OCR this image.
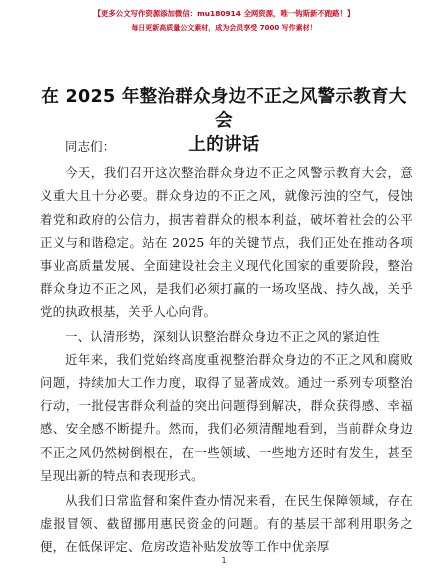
【更多公文写作资源添加微信：mu180914 全网资源，唯一钩斯新不跑路！】
每日更新高质量公文素材，成为会员享受 7000 写作素材！
在 2025 年整治群众身边不正之风警示教育大会
上的讲话

同志们：

今天，我们召开这次整治群众身边不正之风警示教育大会，意义重大且十分必要。群众身边的不正之风，就像污浊的空气，侵蚀着党和政府的公信力，损害着群众的根本利益，破坏着社会的公平正义与和谐稳定。站在 2025 年的关键节点，我们正处在推动各项事业高质量发展、全面建设社会主义现代化国家的重要阶段，整治群众身边不正之风，是我们必须打赢的一场攻坚战、持久战，关乎党的执政根基，关乎人心向背。

一、认清形势，深刻认识整治群众身边不正之风的紧迫性

近年来，我们党始终高度重视整治群众身边的不正之风和腐败问题，持续加大工作力度，取得了显著成效。通过一系列专项整治行动，一批侵害群众利益的突出问题得到解决，群众获得感、幸福感、安全感不断提升。然而，我们必须清醒地看到，当前群众身边不正之风仍然树倒根在，在一些领域、一些地方还时有发生，甚至呈现出新的特点和表现形式。

从我们日常监督和案件查办情况来看，在民生保障领域，存在虚报冒领、截留挪用惠民资金的问题。有的基层干部利用职务之便，在低保评定、危房改造补贴发放等工作中优亲厚

1
